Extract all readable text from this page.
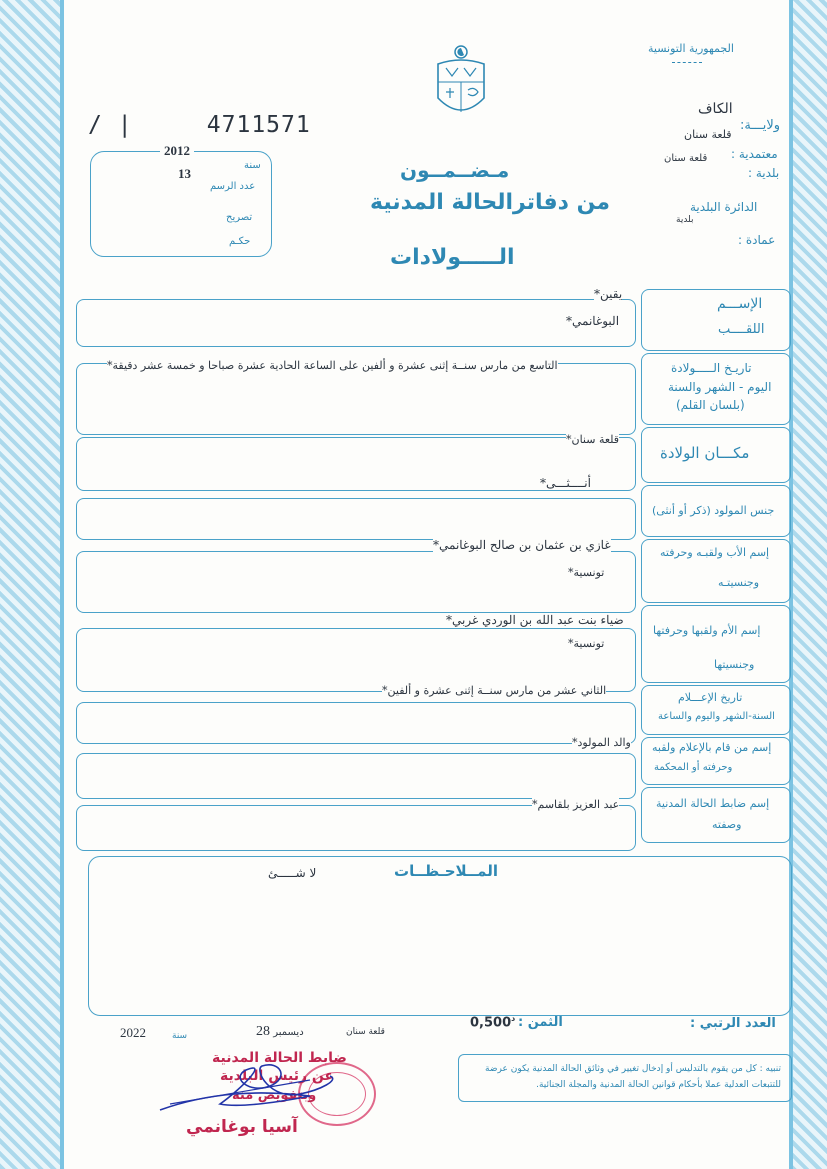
الجمهورية التونسية
/ |	4711571
2012
سنة
13
عدد الرسم
تصريح
حكـم
الكاف
ولايـــة:
قلعة سنان
معتمدية :
قلعة سنان
بلدية :
الدائرة البلدية
بلدية
عمادة :
مـضــمــون
من دفاترالحالة المدنية
الـــــولادات
الإســـم
اللقــــب
تاريـخ الـــــولادة
اليوم - الشهر والسنة
(بلسان القلم)
مكـــان الولادة
جنس المولود (ذكر أو أنثى)
إسم الأب ولقبـه وحرفته
وجنسيتـه
إسم الأم ولقبها وحرفتها
وجنسيتها
تاريخ الإعـــلام
السنة-الشهر واليوم والساعة
إسم من قام بالإعلام ولقبه
وحرفته أو المحكمة
إسم ضابط الحالة المدنية
وصفته
يقين*
البوغانمي*
التاسع من مارس سنــة إثنى عشرة و ألفين على الساعة الحادية عشرة صباحا و خمسة عشر دقيقة*
قلعة سنان*
أنــــثـــى*
غازي بن عثمان بن صالح البوغانمي*
تونسية*
ضياء بنت عبد الله بن الوردي غربي*
تونسية*
الثاني عشر من مارس سنــة إثنى عشرة و ألفين*
والد المولود*
عبد العزيز بلقاسم*
المــلاحـظــات
لا شـــــئ
العدد الرتبي :
الثمن :
$0,500^د$
قلعة سنان
28 ديسمبر
سنة
2022
تنبيه : كل من يقوم بالتدليس أو إدخال تغيير في وثائق الحالة المدنية يكون عرضة للتتبعات العدلية عملا بأحكام قوانين الحالة المدنية والمجلة الجنائية.
ضابط الحالة المدنية
عن رئيس البلدية
وبتفويض منه
آسيا بوغانمي
